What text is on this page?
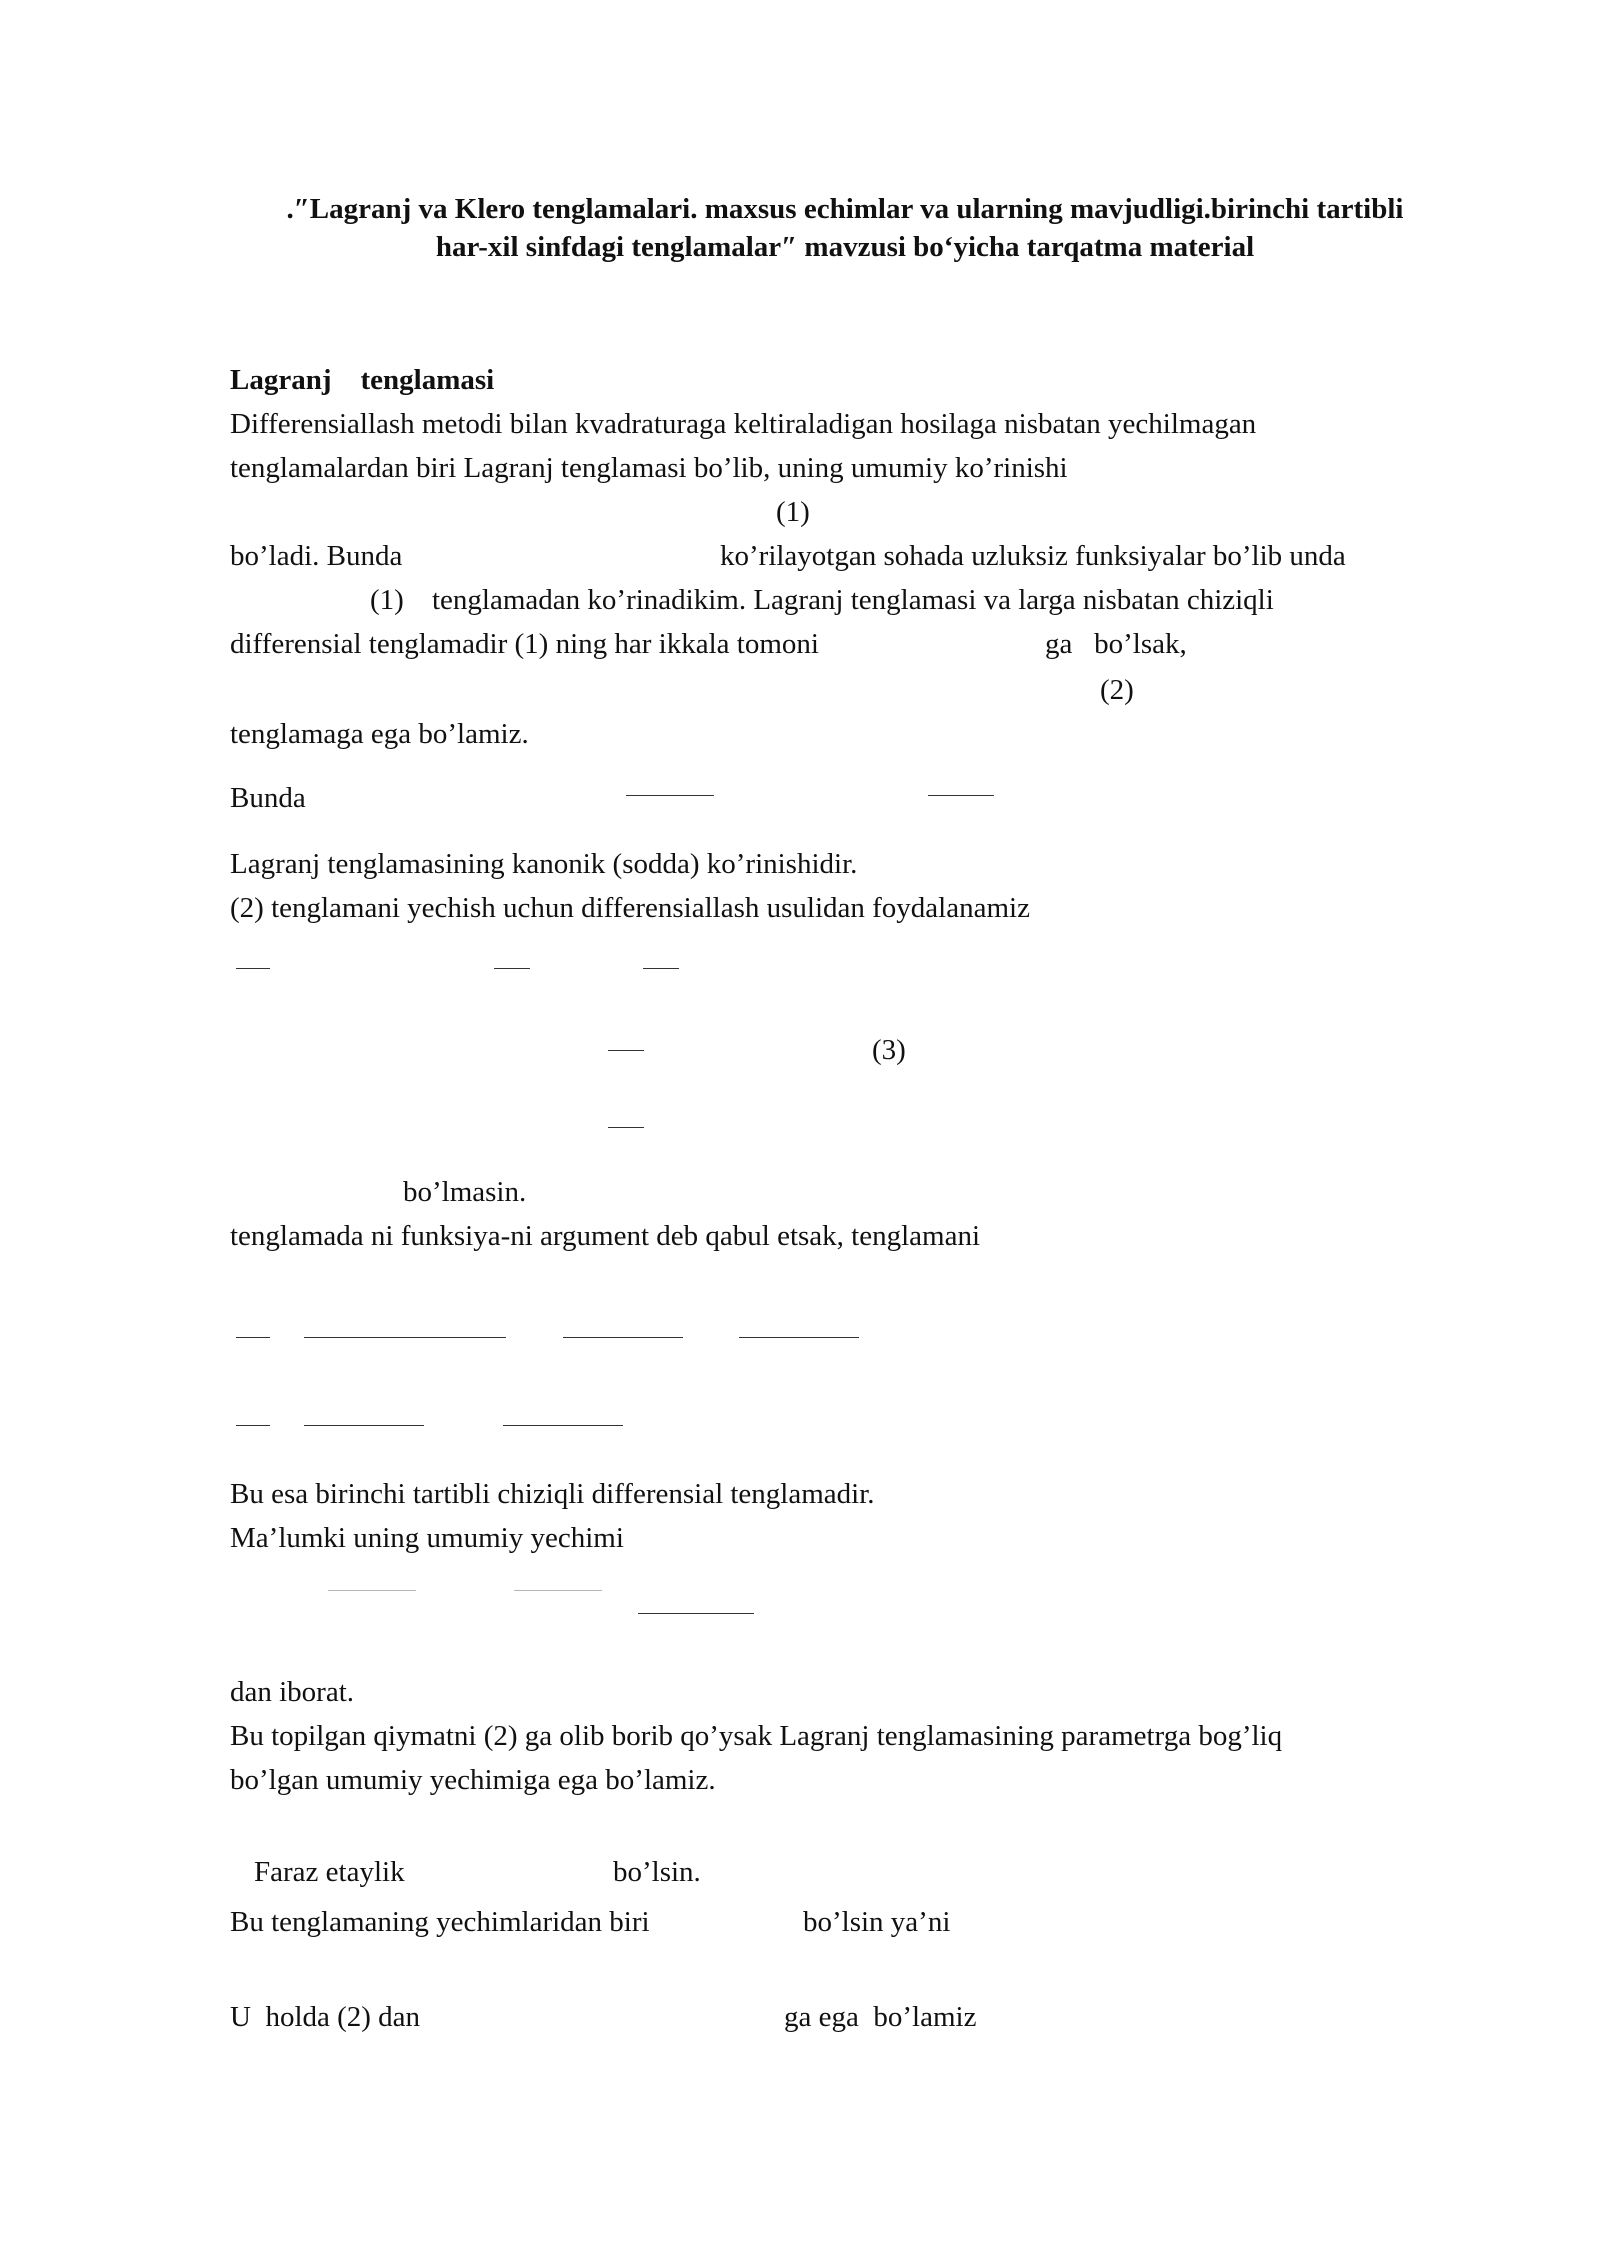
.″Lagranj va Klero tenglamalari. maxsus echimlar va ularning mavjudligi.birinchi tartibli
har-xil sinfdagi tenglamalar″ mavzusi bo‘yicha tarqatma material
Lagranj    tenglamasi
Differensiallash metodi bilan kvadraturaga keltiraladigan hosilaga nisbatan yechilmagan
tenglamalardan biri Lagranj tenglamasi bo’lib, uning umumiy ko’rinishi
(1)
bo’ladi. Bunda	ko’rilayotgan sohada uzluksiz funksiyalar bo’lib unda
(1) tenglamadan ko’rinadikim. Lagranj tenglamasi va larga nisbatan chiziqli
differensial tenglamadir (1) ning har ikkala tomoni	ga   bo’lsak,
(2)
tenglamaga ega bo’lamiz.
Bunda
Lagranj tenglamasining kanonik (sodda) ko’rinishidir.
(2) tenglamani yechish uchun differensiallash usulidan foydalanamiz
(3)
bo’lmasin.
tenglamada ni funksiya-ni argument deb qabul etsak, tenglamani
Bu esa birinchi tartibli chiziqli differensial tenglamadir.
Ma’lumki uning umumiy yechimi
dan iborat.
Bu topilgan qiymatni (2) ga olib borib qo’ysak Lagranj tenglamasining parametrga bog’liq
bo’lgan umumiy yechimiga ega bo’lamiz.
Faraz etaylik	bo’lsin.
Bu tenglamaning yechimlaridan biri	bo’lsin ya’ni
U  holda (2) dan	ga ega  bo’lamiz
